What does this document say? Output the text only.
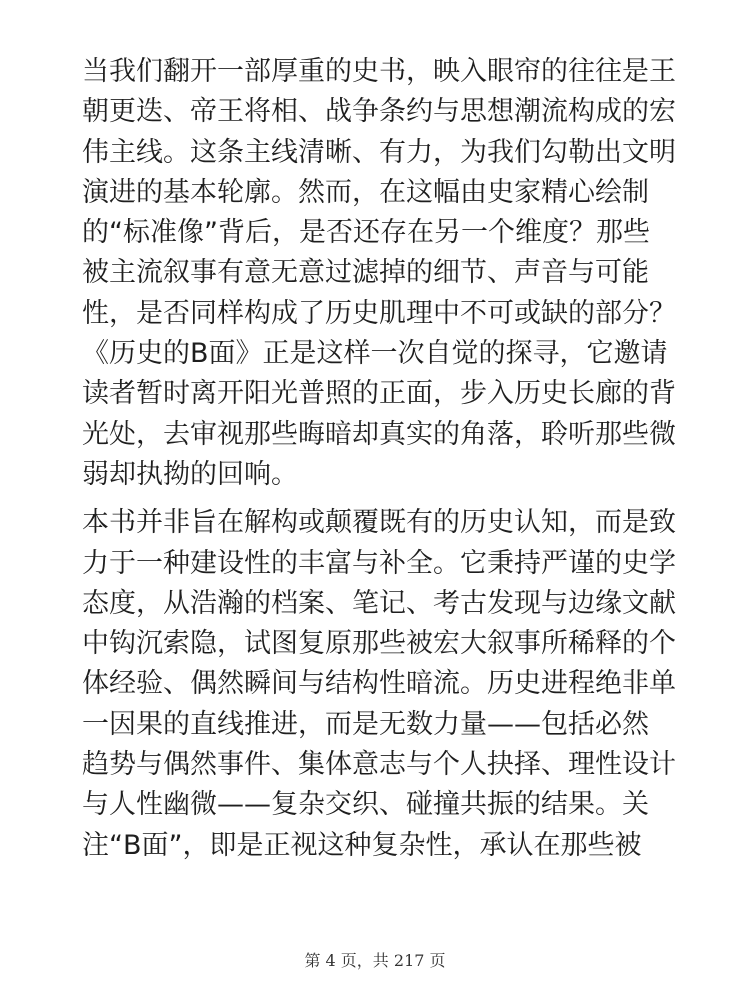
当我们翻开一部厚重的史书，映入眼帘的往往是王
朝更迭、帝王将相、战争条约与思想潮流构成的宏
伟主线。这条主线清晰、有力，为我们勾勒出文明
演进的基本轮廓。然而，在这幅由史家精心绘制
的“标准像”背后，是否还存在另一个维度？那些
被主流叙事有意无意过滤掉的细节、声音与可能
性，是否同样构成了历史肌理中不可或缺的部分？
《历史的B面》正是这样一次自觉的探寻，它邀请
读者暂时离开阳光普照的正面，步入历史长廊的背
光处，去审视那些晦暗却真实的角落，聆听那些微
弱却执拗的回响。
本书并非旨在解构或颠覆既有的历史认知，而是致
力于一种建设性的丰富与补全。它秉持严谨的史学
态度，从浩瀚的档案、笔记、考古发现与边缘文献
中钩沉索隐，试图复原那些被宏大叙事所稀释的个
体经验、偶然瞬间与结构性暗流。历史进程绝非单
一因果的直线推进，而是无数力量——包括必然
趋势与偶然事件、集体意志与个人抉择、理性设计
与人性幽微——复杂交织、碰撞共振的结果。关
注“B面”，即是正视这种复杂性，承认在那些被
第 4 页，共 217 页
